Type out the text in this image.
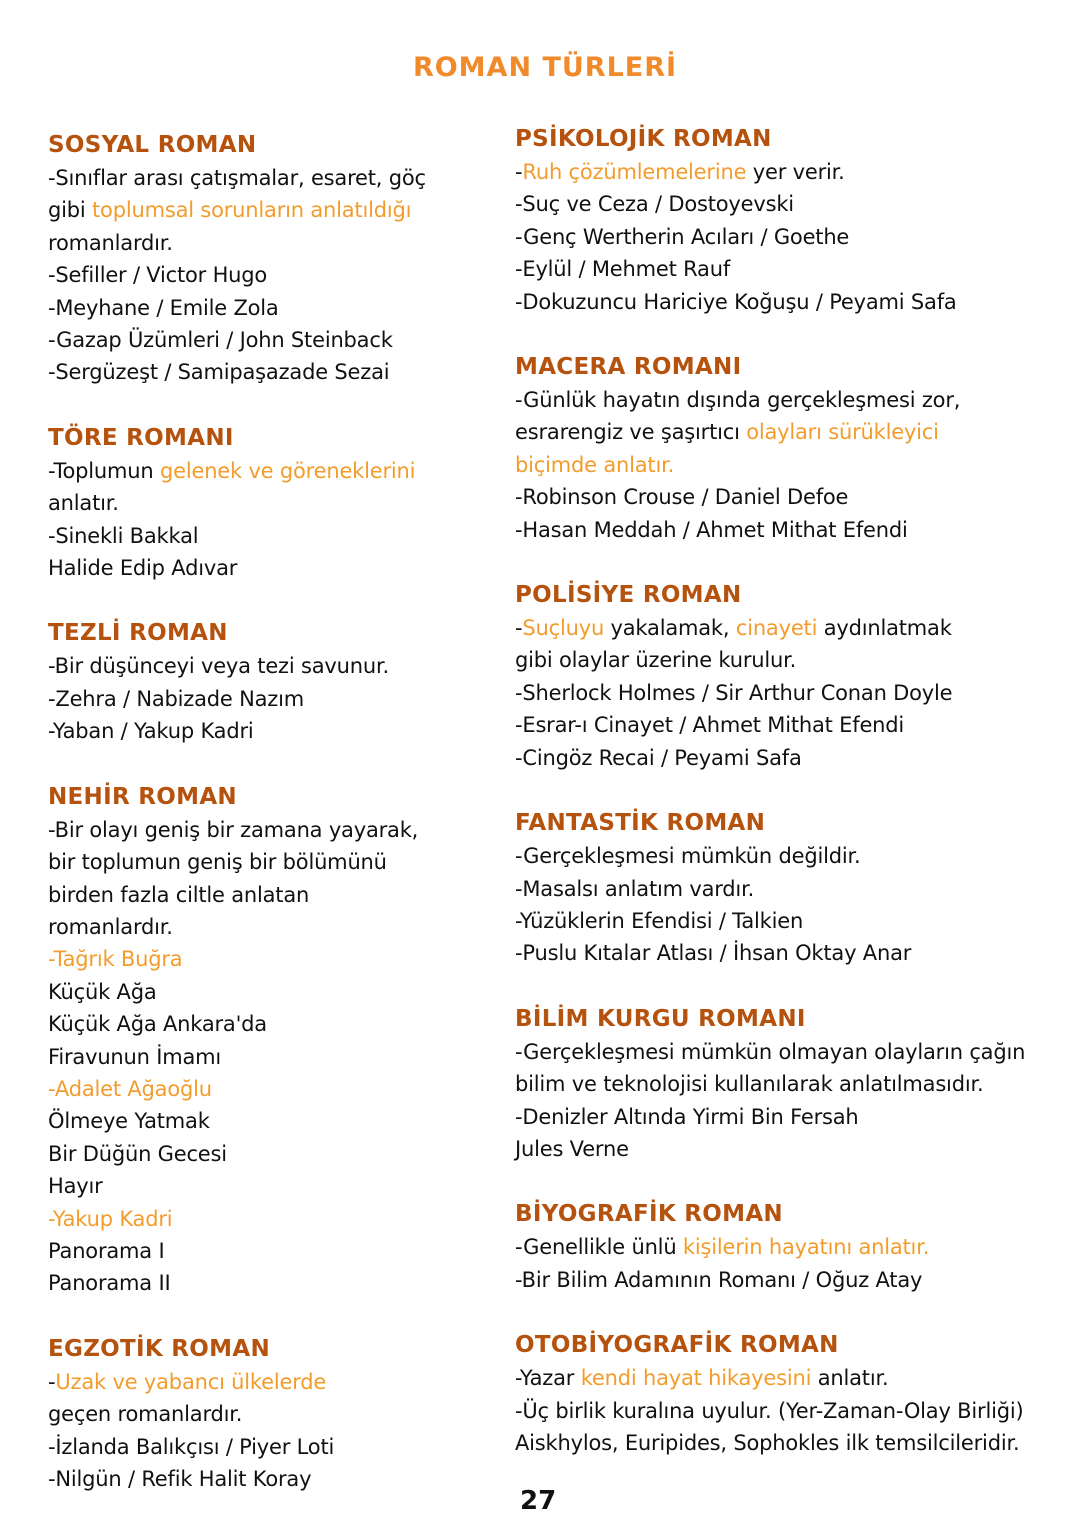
ROMAN TÜRLERİ
SOSYAL ROMAN
-Sınıflar arası çatışmalar, esaret, göç
gibi toplumsal sorunların anlatıldığı
romanlardır.
-Sefiller / Victor Hugo
-Meyhane / Emile Zola
-Gazap Üzümleri / John Steinback
-Sergüzeşt / Samipaşazade Sezai
TÖRE ROMANI
-Toplumun gelenek ve göreneklerini
anlatır.
-Sinekli Bakkal
Halide Edip Adıvar
TEZLİ ROMAN
-Bir düşünceyi veya tezi savunur.
-Zehra / Nabizade Nazım
-Yaban / Yakup Kadri
NEHİR ROMAN
-Bir olayı geniş bir zamana yayarak,
bir toplumun geniş bir bölümünü
birden fazla ciltle anlatan
romanlardır.
-Tağrık Buğra
Küçük Ağa
Küçük Ağa Ankara'da
Firavunun İmamı
-Adalet Ağaoğlu
Ölmeye Yatmak
Bir Düğün Gecesi
Hayır
-Yakup Kadri
Panorama I
Panorama II
EGZOTİK ROMAN
-Uzak ve yabancı ülkelerde
geçen romanlardır.
-İzlanda Balıkçısı / Piyer Loti
-Nilgün / Refik Halit Koray
PSİKOLOJİK ROMAN
-Ruh çözümlemelerine yer verir.
-Suç ve Ceza / Dostoyevski
-Genç Wertherin Acıları / Goethe
-Eylül / Mehmet Rauf
-Dokuzuncu Hariciye Koğuşu / Peyami Safa
MACERA ROMANI
-Günlük hayatın dışında gerçekleşmesi zor,
esrarengiz ve şaşırtıcı olayları sürükleyici
biçimde anlatır.
-Robinson Crouse / Daniel Defoe
-Hasan Meddah / Ahmet Mithat Efendi
POLİSİYE ROMAN
-Suçluyu yakalamak, cinayeti aydınlatmak
gibi olaylar üzerine kurulur.
-Sherlock Holmes / Sir Arthur Conan Doyle
-Esrar-ı Cinayet / Ahmet Mithat Efendi
-Cingöz Recai / Peyami Safa
FANTASTİK ROMAN
-Gerçekleşmesi mümkün değildir.
-Masalsı anlatım vardır.
-Yüzüklerin Efendisi / Talkien
-Puslu Kıtalar Atlası / İhsan Oktay Anar
BİLİM KURGU ROMANI
-Gerçekleşmesi mümkün olmayan olayların çağın
bilim ve teknolojisi kullanılarak anlatılmasıdır.
-Denizler Altında Yirmi Bin Fersah
Jules Verne
BİYOGRAFİK ROMAN
-Genellikle ünlü kişilerin hayatını anlatır.
-Bir Bilim Adamının Romanı / Oğuz Atay
OTOBİYOGRAFİK ROMAN
-Yazar kendi hayat hikayesini anlatır.
-Üç birlik kuralına uyulur. (Yer-Zaman-Olay Birliği)
Aiskhylos, Euripides, Sophokles ilk temsilcileridir.
27
